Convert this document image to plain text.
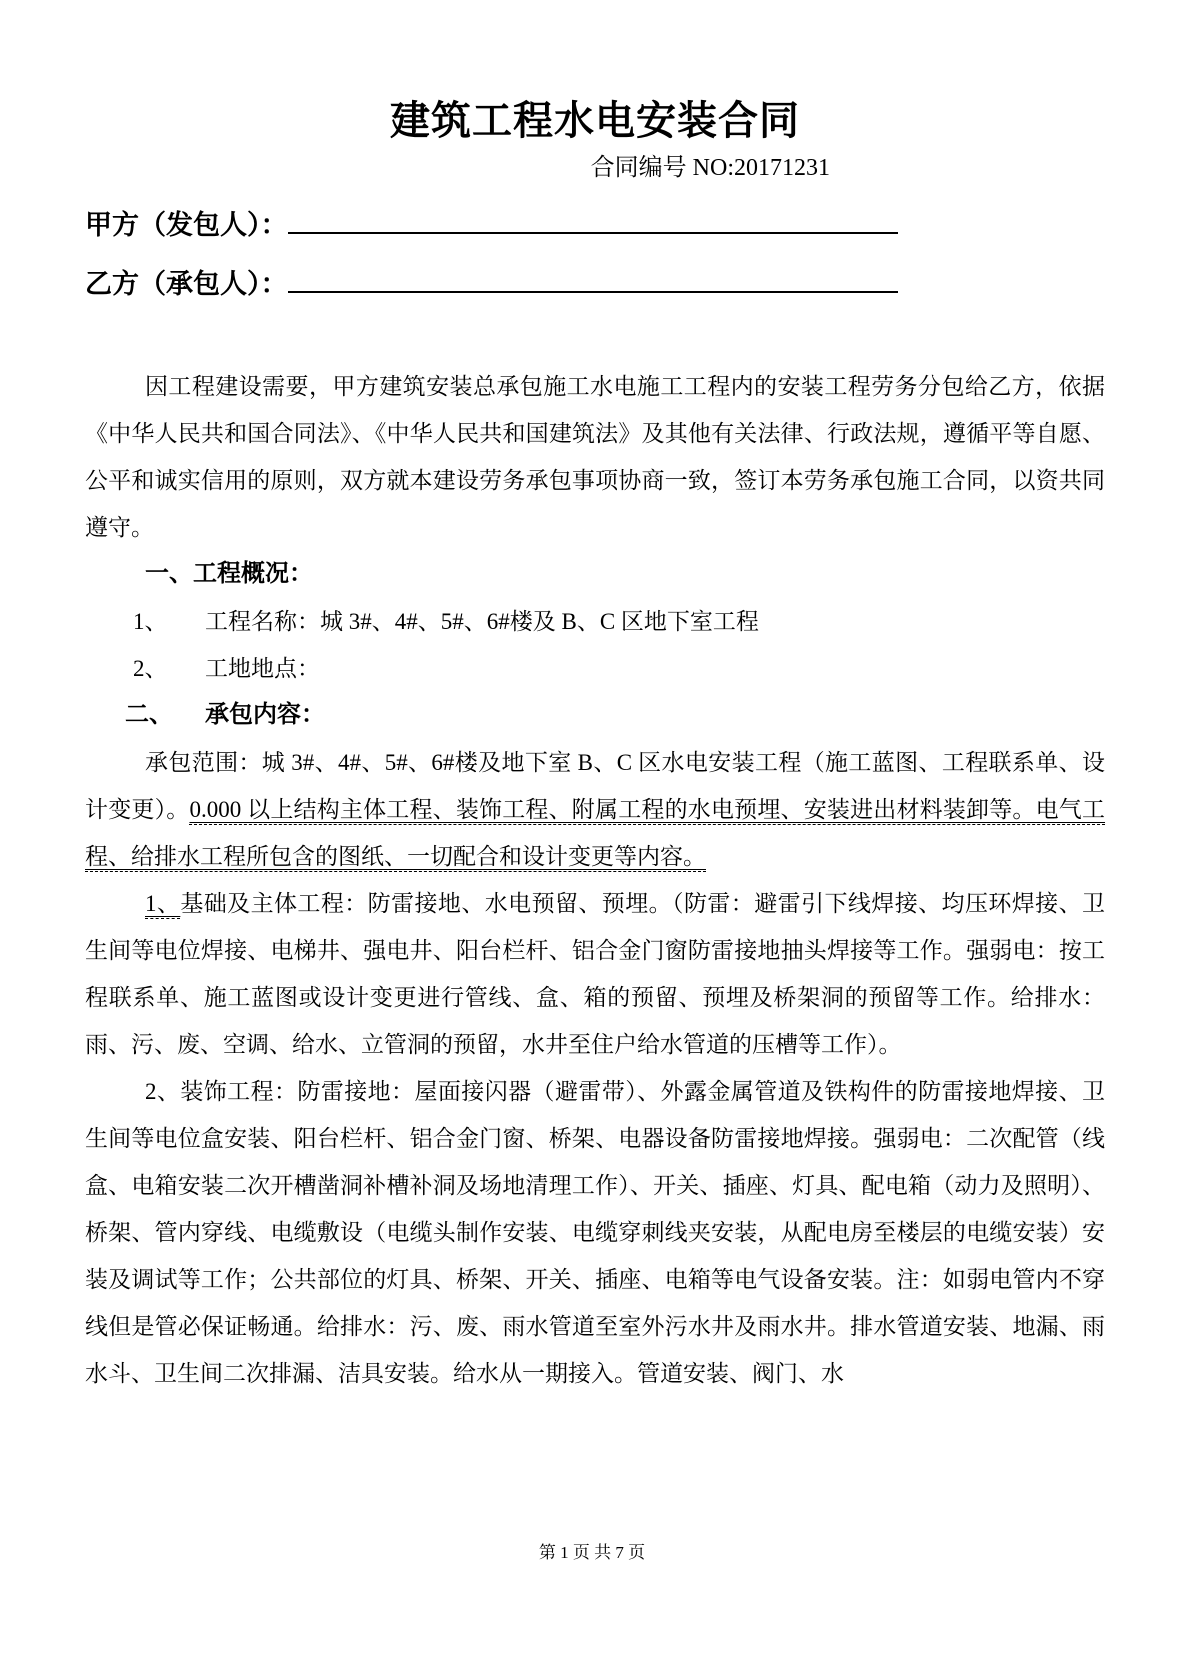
建筑工程水电安装合同
合同编号 NO:20171231
甲方（发包人）：
乙方（承包人）：

因工程建设需要，甲方建筑安装总承包施工水电施工工程内的安装工程劳务分包给乙方，依据《中华人民共和国合同法》、《中华人民共和国建筑法》及其他有关法律、行政法规，遵循平等自愿、公平和诚实信用的原则，双方就本建设劳务承包事项协商一致，签订本劳务承包施工合同，以资共同遵守。

一、工程概况：

1、 工程名称：城 3#、4#、5#、6#楼及 B、C 区地下室工程

2、 工地地点：

二、 承包内容：

承包范围：城 3#、4#、5#、6#楼及地下室 B、C 区水电安装工程（施工蓝图、工程联系单、设计变更）。0.000 以上结构主体工程、装饰工程、附属工程的水电预埋、安装进出材料装卸等。电气工程、给排水工程所包含的图纸、一切配合和设计变更等内容。

1、基础及主体工程：防雷接地、水电预留、预埋。（防雷：避雷引下线焊接、均压环焊接、卫生间等电位焊接、电梯井、强电井、阳台栏杆、铝合金门窗防雷接地抽头焊接等工作。强弱电：按工程联系单、施工蓝图或设计变更进行管线、盒、箱的预留、预埋及桥架洞的预留等工作。给排水：雨、污、废、空调、给水、立管洞的预留，水井至住户给水管道的压槽等工作）。

2、装饰工程：防雷接地：屋面接闪器（避雷带）、外露金属管道及铁构件的防雷接地焊接、卫生间等电位盒安装、阳台栏杆、铝合金门窗、桥架、电器设备防雷接地焊接。强弱电：二次配管（线盒、电箱安装二次开槽凿洞补槽补洞及场地清理工作）、开关、插座、灯具、配电箱（动力及照明）、桥架、管内穿线、电缆敷设（电缆头制作安装、电缆穿刺线夹安装，从配电房至楼层的电缆安装）安装及调试等工作；公共部位的灯具、桥架、开关、插座、电箱等电气设备安装。注：如弱电管内不穿线但是管必保证畅通。给排水：污、废、雨水管道至室外污水井及雨水井。排水管道安装、地漏、雨水斗、卫生间二次排漏、洁具安装。给水从一期接入。管道安装、阀门、水

第 1 页 共 7 页
